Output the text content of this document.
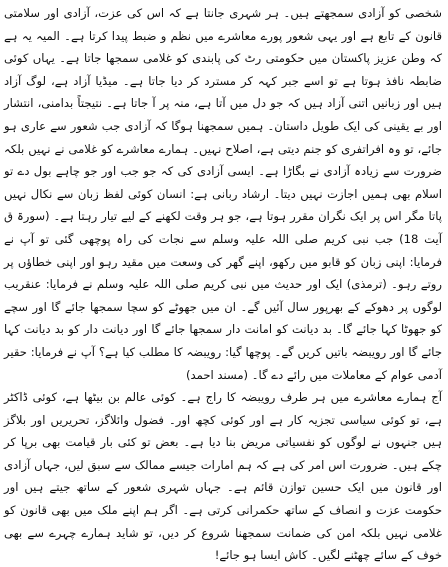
شخصی کو آزادی سمجھتے ہیں۔ ہر شہری جانتا ہے کہ اس کی عزت، آزادی اور سلامتی قانون کے تابع ہے اور یہی شعور پورے معاشرے میں نظم و ضبط پیدا کرتا ہے۔ المیہ یہ ہے کہ وطن عزیز پاکستان میں حکومتی رٹ کی پابندی کو غلامی سمجھا جاتا ہے۔ یہاں کوئی ضابطہ نافذ ہوتا ہے تو اسے جبر کہہ کر مسترد کر دیا جاتا ہے۔ میڈیا آزاد ہے، لوگ آزاد ہیں اور زبانیں اتنی آزاد ہیں کہ جو دل میں آتا ہے، منہ پر آ جاتا ہے۔ نتیجتاً بدامنی، انتشار اور بے یقینی کی ایک طویل داستان۔ ہمیں سمجھنا ہوگا کہ آزادی جب شعور سے عاری ہو جائے، تو وہ افراتفری کو جنم دیتی ہے، اصلاح نہیں۔ ہمارے معاشرے کو غلامی نے نہیں بلکہ ضرورت سے زیادہ آزادی نے بگاڑا ہے۔ ایسی آزادی کی کہ جو جب اور جو چاہے بول دے تو اسلام بھی ہمیں اجازت نہیں دیتا۔ ارشاد ربانی ہے: انسان کوئی لفظ زبان سے نکال نہیں پاتا مگر اس پر ایک نگران مقرر ہوتا ہے، جو ہر وقت لکھنے کے لیے تیار رہتا ہے۔ (سورۃ ق آیت 18) جب نبی کریم صلی اللہ علیہ وسلم سے نجات کی راہ پوچھی گئی تو آپ نے فرمایا: اپنی زبان کو قابو میں رکھو، اپنے گھر کی وسعت میں مقید رہو اور اپنی خطاؤں پر روتے رہو۔ (ترمذی) ایک اور حدیث میں نبی کریم صلی اللہ علیہ وسلم نے فرمایا: عنقریب لوگوں پر دھوکے کے بھرپور سال آئیں گے۔ ان میں جھوٹے کو سچا سمجھا جائے گا اور سچے کو جھوٹا کہا جائے گا۔ بد دیانت کو امانت دار سمجھا جائے گا اور دیانت دار کو بد دیانت کہا جائے گا اور رویبضہ باتیں کریں گے۔ پوچھا گیا: رویبضہ کا مطلب کیا ہے؟ آپ نے فرمایا: حقیر آدمی عوام کے معاملات میں رائے دے گا۔ (مسند احمد)

آج ہمارے معاشرے میں ہر طرف رویبضہ کا راج ہے۔ کوئی عالم بن بیٹھا ہے، کوئی ڈاکٹر ہے، تو کوئی سیاسی تجزیہ کار ہے اور کوئی کچھ اور۔ فضول وائلاگز، تحریریں اور بلاگز ہیں جنہوں نے لوگوں کو نفسیاتی مریض بنا دیا ہے۔ بعض تو کئی بار قیامت بھی برپا کر چکے ہیں۔ ضرورت اس امر کی ہے کہ ہم امارات جیسے ممالک سے سبق لیں، جہاں آزادی اور قانون میں ایک حسین توازن قائم ہے۔ جہاں شہری شعور کے ساتھ جیتے ہیں اور حکومت عزت و انصاف کے ساتھ حکمرانی کرتی ہے۔ اگر ہم اپنے ملک میں بھی قانون کو غلامی نہیں بلکہ امن کی ضمانت سمجھنا شروع کر دیں، تو شاید ہمارے چہرے سے بھی خوف کے سائے چھٹنے لگیں۔ کاش ایسا ہو جائے!
